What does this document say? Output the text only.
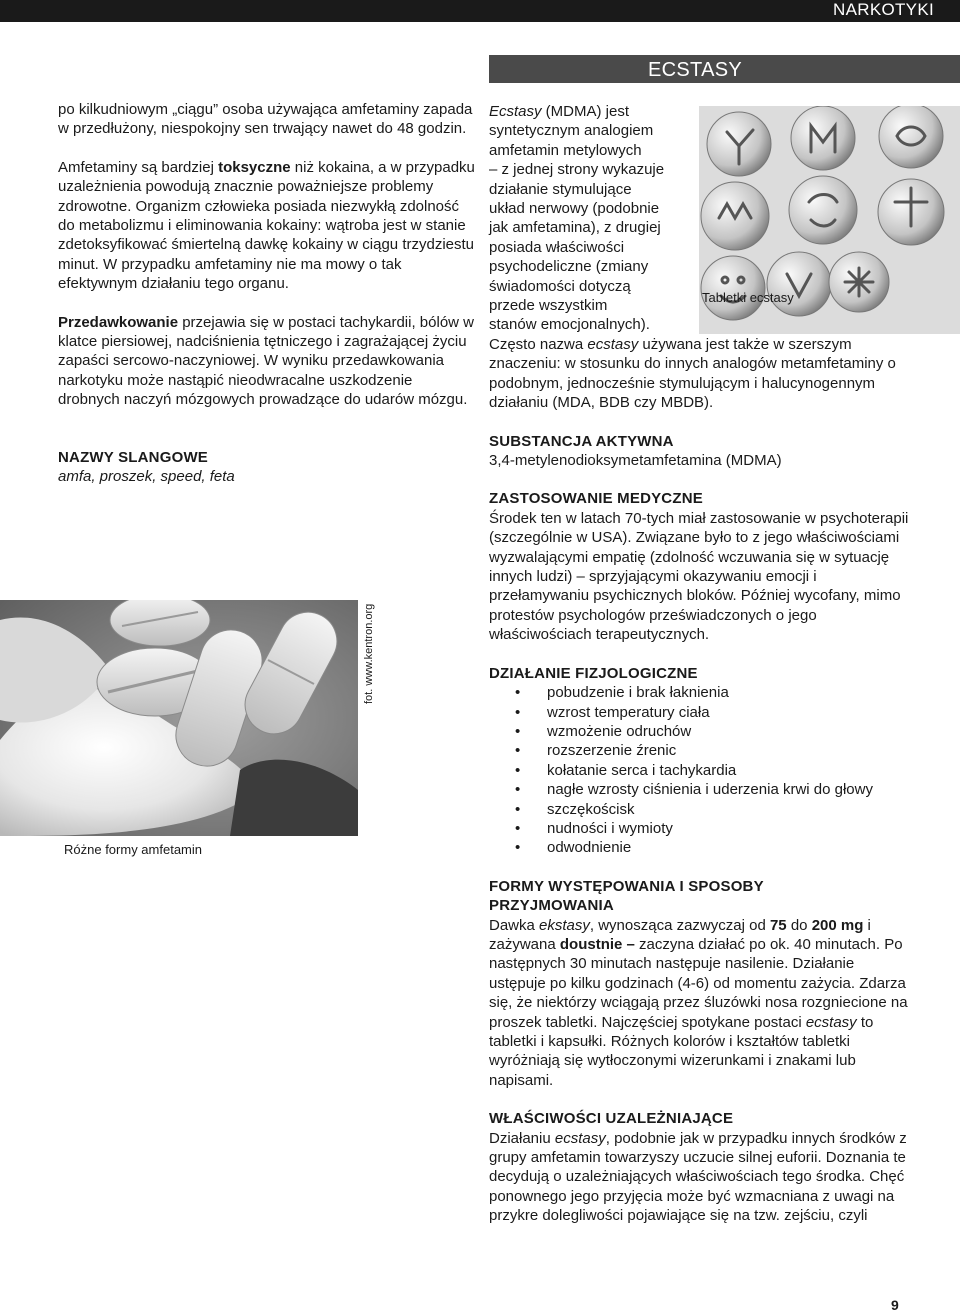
NARKOTYKI
ECSTASY

po kilkudniowym „ciągu” osoba używająca amfetaminy zapada w przedłużony, niespokojny sen trwający nawet do 48 godzin.

Amfetaminy są bardziej toksyczne niż kokaina, a w przypadku uzależnienia powodują znacznie poważniejsze problemy zdrowotne. Organizm człowieka posiada niezwykłą zdolność do metabolizmu i eliminowania kokainy: wątroba jest w stanie zdetoksyfikować śmiertelną dawkę kokainy w ciągu trzydziestu minut. W przypadku amfetaminy nie ma mowy o tak efektywnym działaniu tego organu.

Przedawkowanie przejawia się w postaci tachykardii, bólów w klatce piersiowej, nadciśnienia tętniczego i zagrażającej życiu zapaści sercowo-naczyniowej. W wyniku przedawkowania narkotyku może nastąpić nieodwracalne uszkodzenie drobnych naczyń mózgowych prowadzące do udarów mózgu.

NAZWY SLANGOWE

amfa, proszek, speed, feta

Różne formy amfetamin
fot. www.kentron.org

Ecstasy (MDMA) jest

syntetycznym analogiem

amfetamin metylowych

– z jednej strony wykazuje

działanie stymulujące

układ nerwowy (podobnie

jak amfetamina), z drugiej

posiada właściwości

psychodeliczne (zmiany

świadomości dotyczą

przede wszystkim

stanów emocjonalnych).

Tabletki ecstasy

Często nazwa ecstasy używana jest także w szerszym znaczeniu: w stosunku do innych analogów metamfetaminy o podobnym, jednocześnie stymulującym i halucynogennym działaniu (MDA, BDB czy MBDB).

SUBSTANCJA AKTYWNA

3,4-metylenodioksymetamfetamina (MDMA)

ZASTOSOWANIE MEDYCZNE

Środek ten w latach 70-tych miał zastosowanie w psychoterapii (szczególnie w USA). Związane było to z jego właściwościami wyzwalającymi empatię (zdolność wczuwania się w sytuację innych ludzi) – sprzyjającymi okazywaniu emocji i przełamywaniu psychicznych bloków. Później wycofany, mimo protestów psychologów przeświadczonych o jego właściwościach terapeutycznych.

DZIAŁANIE FIZJOLOGICZNE

• pobudzenie i brak łaknienia
• wzrost temperatury ciała
• wzmożenie odruchów
• rozszerzenie źrenic
• kołatanie serca i tachykardia
• nagłe wzrosty ciśnienia i uderzenia krwi do głowy
• szczękościsk
• nudności i wymioty
• odwodnienie

FORMY WYSTĘPOWANIA I SPOSOBY

PRZYJMOWANIA

Dawka ekstasy, wynosząca zazwyczaj od 75 do 200 mg i zażywana doustnie – zaczyna działać po ok. 40 minutach. Po następnych 30 minutach następuje nasilenie. Działanie ustępuje po kilku godzinach (4-6) od momentu zażycia. Zdarza się, że niektórzy wciągają przez śluzówki nosa rozgniecione na proszek tabletki. Najczęściej spotykane postaci ecstasy to tabletki i kapsułki. Różnych kolorów i kształtów tabletki wyróżniają się wytłoczonymi wizerunkami i znakami lub napisami.

WŁAŚCIWOŚCI UZALEŻNIAJĄCE

Działaniu ecstasy, podobnie jak w przypadku innych środków z grupy amfetamin towarzyszy uczucie silnej euforii. Doznania te decydują o uzależniających właściwościach tego środka. Chęć ponownego jego przyjęcia może być wzmacniana z uwagi na przykre dolegliwości pojawiające się na tzw. zejściu, czyli

9
